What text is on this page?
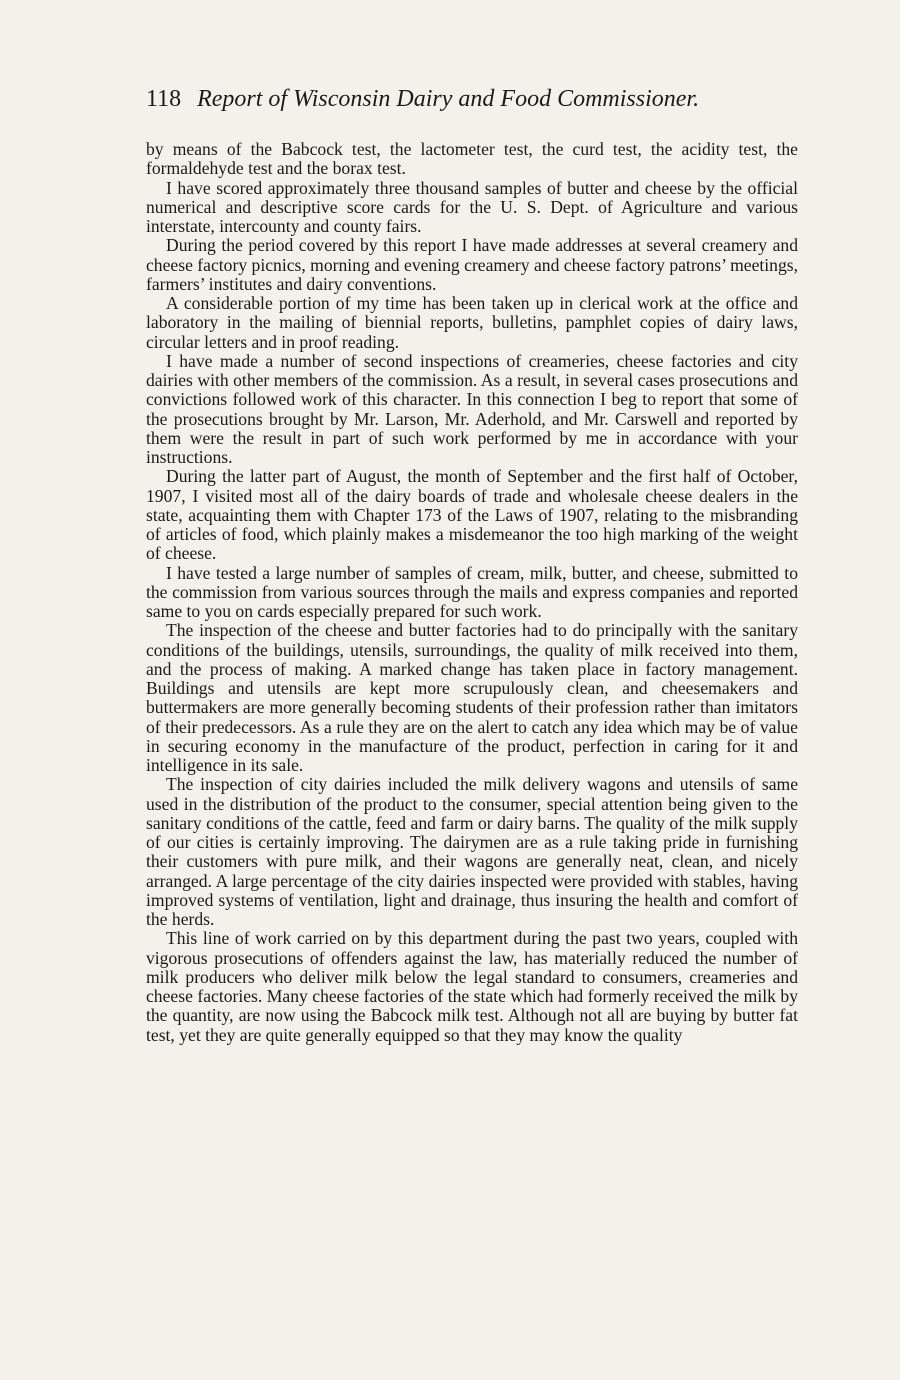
118 Report of Wisconsin Dairy and Food Commissioner.

by means of the Babcock test, the lactometer test, the curd test, the acidity test, the formaldehyde test and the borax test.

I have scored approximately three thousand samples of butter and cheese by the official numerical and descriptive score cards for the U. S. Dept. of Agriculture and various interstate, intercounty and county fairs.

During the period covered by this report I have made addresses at several creamery and cheese factory picnics, morning and evening creamery and cheese factory patrons’ meetings, farmers’ institutes and dairy conventions.

A considerable portion of my time has been taken up in clerical work at the office and laboratory in the mailing of biennial reports, bulletins, pamphlet copies of dairy laws, circular letters and in proof reading.

I have made a number of second inspections of creameries, cheese factories and city dairies with other members of the commission. As a result, in several cases prosecutions and convictions followed work of this character. In this connection I beg to report that some of the prosecutions brought by Mr. Larson, Mr. Aderhold, and Mr. Carswell and reported by them were the result in part of such work performed by me in accordance with your instructions.

During the latter part of August, the month of September and the first half of October, 1907, I visited most all of the dairy boards of trade and wholesale cheese dealers in the state, acquainting them with Chapter 173 of the Laws of 1907, relating to the misbranding of articles of food, which plainly makes a misdemeanor the too high marking of the weight of cheese.

I have tested a large number of samples of cream, milk, butter, and cheese, submitted to the commission from various sources through the mails and express companies and reported same to you on cards especially prepared for such work.

The inspection of the cheese and butter factories had to do principally with the sanitary conditions of the buildings, utensils, surroundings, the quality of milk received into them, and the process of making. A marked change has taken place in factory management. Buildings and utensils are kept more scrupulously clean, and cheesemakers and buttermakers are more generally becoming students of their profession rather than imitators of their predecessors. As a rule they are on the alert to catch any idea which may be of value in securing economy in the manufacture of the product, perfection in caring for it and intelligence in its sale.

The inspection of city dairies included the milk delivery wagons and utensils of same used in the distribution of the product to the consumer, special attention being given to the sanitary conditions of the cattle, feed and farm or dairy barns. The quality of the milk supply of our cities is certainly improving. The dairymen are as a rule taking pride in furnishing their customers with pure milk, and their wagons are generally neat, clean, and nicely arranged. A large percentage of the city dairies inspected were provided with stables, having improved systems of ventilation, light and drainage, thus insuring the health and comfort of the herds.

This line of work carried on by this department during the past two years, coupled with vigorous prosecutions of offenders against the law, has materially reduced the number of milk producers who deliver milk below the legal standard to consumers, creameries and cheese factories. Many cheese factories of the state which had formerly received the milk by the quantity, are now using the Babcock milk test. Although not all are buying by butter fat test, yet they are quite generally equipped so that they may know the quality
